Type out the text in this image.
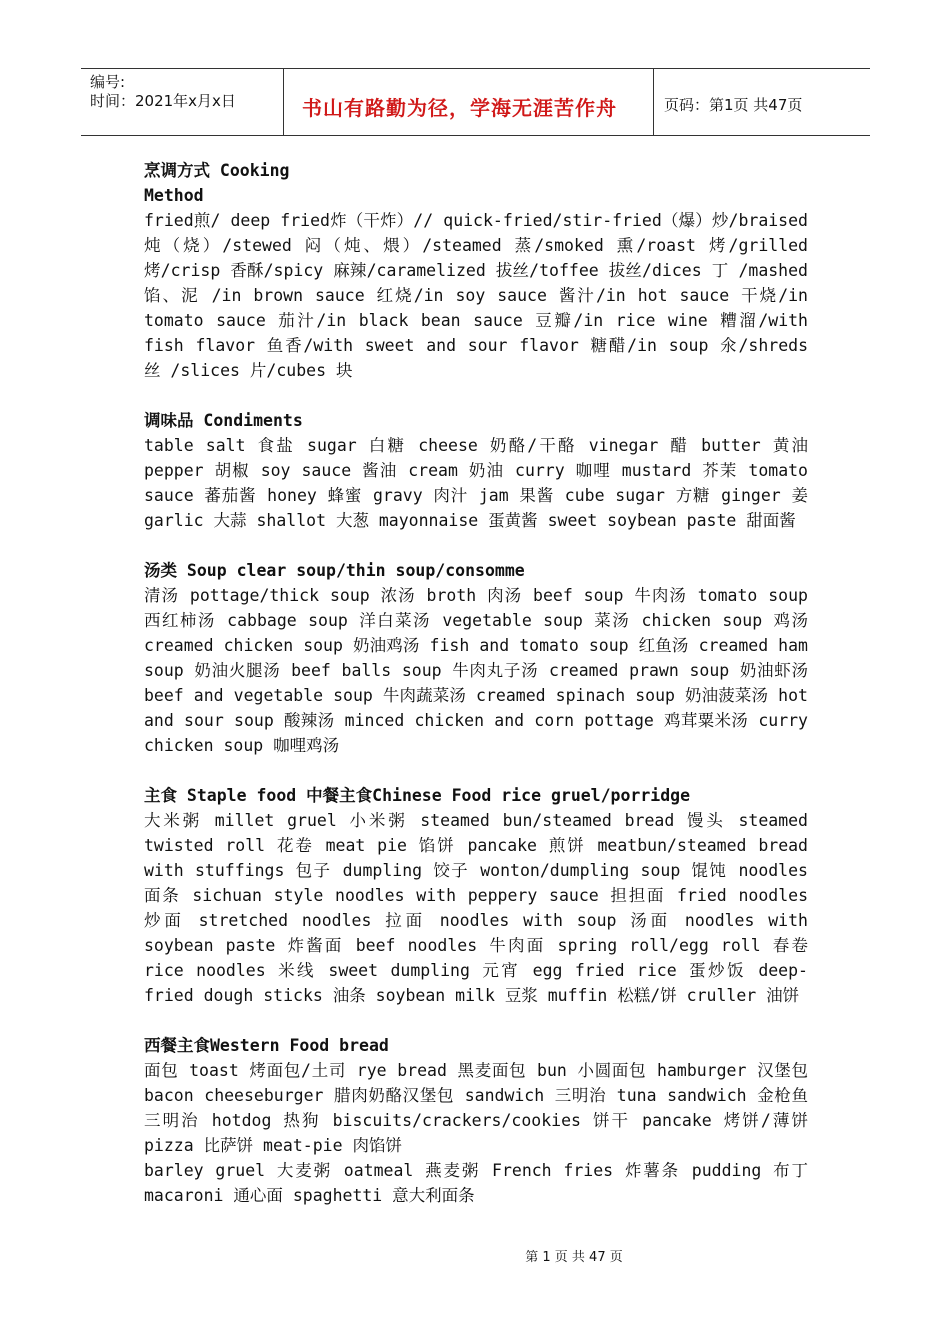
编号:
时间：2021年x月x日	书山有路勤为径，学海无涯苦作舟	页码：第1页 共47页

烹调方式 Cooking Method

fried煎/ deep fried炸（干炸）// quick-fried/stir-fried（爆）炒/braised 炖（烧）/stewed 闷（炖、煨）/steamed 蒸/smoked 熏/roast 烤/grilled 烤/crisp 香酥/spicy 麻辣/caramelized 拔丝/toffee 拔丝/dices 丁 /mashed 馅、泥 /in brown sauce 红烧/in soy sauce 酱汁/in hot sauce 干烧/in tomato sauce 茄汁/in black bean sauce 豆瓣/in rice wine 糟溜/with fish flavor 鱼香/with sweet and sour flavor 糖醋/in soup 氽/shreds 丝 /slices 片/cubes 块

调味品 Condiments

table salt 食盐 sugar 白糖 cheese 奶酪/干酪 vinegar 醋 butter 黄油 pepper 胡椒 soy sauce 酱油 cream 奶油 curry 咖哩 mustard 芥茉 tomato sauce 蕃茄酱 honey 蜂蜜 gravy 肉汁 jam 果酱 cube sugar 方糖 ginger 姜 garlic 大蒜 shallot 大葱 mayonnaise 蛋黄酱 sweet soybean paste 甜面酱

汤类 Soup clear soup/thin soup/consomme

清汤 pottage/thick soup 浓汤 broth 肉汤 beef soup 牛肉汤 tomato soup 西红柿汤 cabbage soup 洋白菜汤 vegetable soup 菜汤 chicken soup 鸡汤 creamed chicken soup 奶油鸡汤 fish and tomato soup 红鱼汤 creamed ham soup 奶油火腿汤 beef balls soup 牛肉丸子汤 creamed prawn soup 奶油虾汤 beef and vegetable soup 牛肉蔬菜汤 creamed spinach soup 奶油菠菜汤 hot and sour soup 酸辣汤 minced chicken and corn pottage 鸡茸粟米汤 curry chicken soup 咖哩鸡汤

主食 Staple food 中餐主食Chinese Food rice gruel/porridge

大米粥 millet gruel 小米粥 steamed bun/steamed bread 馒头 steamed twisted roll 花卷 meat pie 馅饼 pancake 煎饼 meatbun/steamed bread with stuffings 包子 dumpling 饺子 wonton/dumpling soup 馄饨 noodles 面条 sichuan style noodles with peppery sauce 担担面 fried noodles 炒面 stretched noodles 拉面 noodles with soup 汤面 noodles with soybean paste 炸酱面 beef noodles 牛肉面 spring roll/egg roll 春卷 rice noodles 米线 sweet dumpling 元宵 egg fried rice 蛋炒饭 deep-fried dough sticks 油条 soybean milk 豆浆 muffin 松糕/饼 cruller 油饼

西餐主食Western Food bread

面包 toast 烤面包/土司 rye bread 黑麦面包 bun 小圆面包 hamburger 汉堡包 bacon cheeseburger 腊肉奶酪汉堡包 sandwich 三明治 tuna sandwich 金枪鱼三明治 hotdog 热狗 biscuits/crackers/cookies 饼干 pancake 烤饼/薄饼 pizza 比萨饼 meat-pie 肉馅饼

barley gruel 大麦粥 oatmeal 燕麦粥 French fries 炸薯条 pudding 布丁 macaroni 通心面 spaghetti 意大利面条

第 1 页 共 47 页
